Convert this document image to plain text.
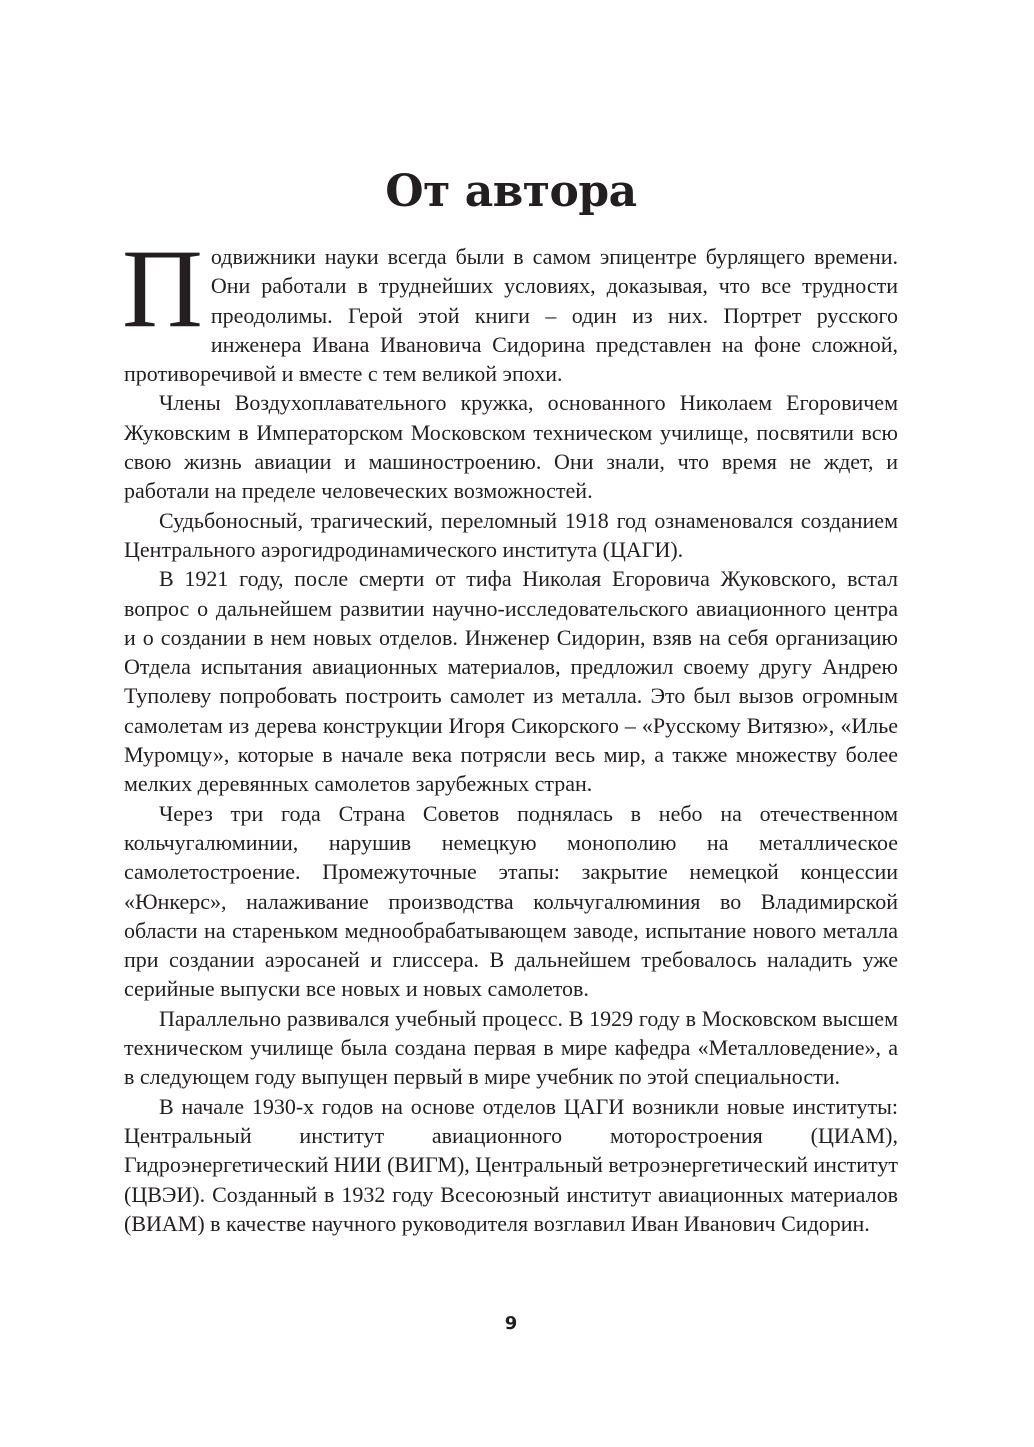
От автора

Подвижники науки всегда были в самом эпицентре бурлящего времени. Они работали в труднейших условиях, доказывая, что все трудности преодолимы. Герой этой книги – один из них. Портрет русского инженера Ивана Ивановича Сидорина представлен на фоне сложной, противоречивой и вместе с тем великой эпохи.

Члены Воздухоплавательного кружка, основанного Николаем Егоровичем Жуковским в Императорском Московском техническом училище, посвятили всю свою жизнь авиации и машиностроению. Они знали, что время не ждет, и работали на пределе человеческих возможностей.

Судьбоносный, трагический, переломный 1918 год ознаменовался созданием Центрального аэрогидродинамического института (ЦАГИ).

В 1921 году, после смерти от тифа Николая Егоровича Жуковского, встал вопрос о дальнейшем развитии научно-исследовательского авиационного центра и о создании в нем новых отделов. Инженер Сидорин, взяв на себя организацию Отдела испытания авиационных материалов, предложил своему другу Андрею Туполеву попробовать построить самолет из металла. Это был вызов огромным самолетам из дерева конструкции Игоря Сикорского – «Русскому Витязю», «Илье Муромцу», которые в начале века потрясли весь мир, а также множеству более мелких деревянных самолетов зарубежных стран.

Через три года Страна Советов поднялась в небо на отечественном кольчугалюминии, нарушив немецкую монополию на металлическое самолетостроение. Промежуточные этапы: закрытие немецкой концессии «Юнкерс», налаживание производства кольчугалюминия во Владимирской области на стареньком меднообрабатывающем заводе, испытание нового металла при создании аэросаней и глиссера. В дальнейшем требовалось наладить уже серийные выпуски все новых и новых самолетов.

Параллельно развивался учебный процесс. В 1929 году в Московском высшем техническом училище была создана первая в мире кафедра «Металловедение», а в следующем году выпущен первый в мире учебник по этой специальности.

В начале 1930-х годов на основе отделов ЦАГИ возникли новые институты: Центральный институт авиационного моторостроения (ЦИАМ), Гидроэнергетический НИИ (ВИГМ), Центральный ветроэнергетический институт (ЦВЭИ). Созданный в 1932 году Всесоюзный институт авиационных материалов (ВИАМ) в качестве научного руководителя возглавил Иван Иванович Сидорин.

9
